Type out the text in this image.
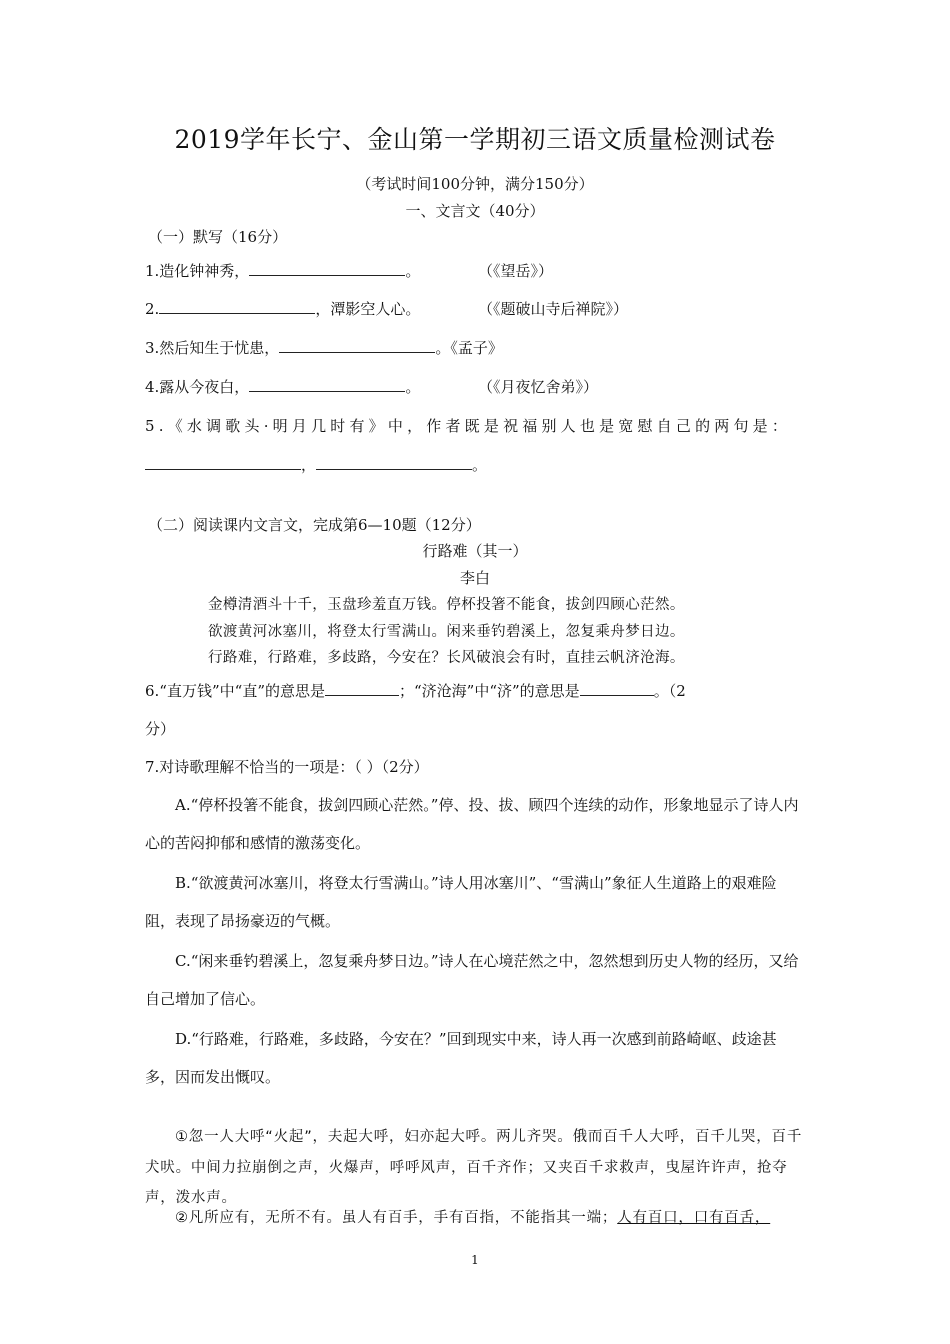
2019学年长宁、金山第一学期初三语文质量检测试卷
（考试时间100分钟，满分150分）
一、文言文（40分）
（一）默写（16分）
1.造化钟神秀，	。	（《望岳》）
2.	，潭影空人心。	（《题破山寺后禅院》）
3.然后知生于忧患，	。《孟子》
4.露从今夜白，	。	（《月夜忆舍弟》）
5.《水调歌头·明月几时有》中，作者既是祝福别人也是宽慰自己的两句是：
，	。
（二）阅读课内文言文，完成第6—10题（12分）
行路难（其一）
李白
金樽清酒斗十千，玉盘珍羞直万钱。停杯投箸不能食，拔剑四顾心茫然。
欲渡黄河冰塞川，将登太行雪满山。闲来垂钓碧溪上，忽复乘舟梦日边。
行路难，行路难，多歧路，今安在？长风破浪会有时，直挂云帆济沧海。
6.“直万钱”中“直”的意思是	；“济沧海”中“济”的意思是	。（2
分）
7.对诗歌理解不恰当的一项是：（ ）（2分）
A.“停杯投箸不能食，拔剑四顾心茫然。”停、投、拔、顾四个连续的动作，形象地显示了诗人内心的苦闷抑郁和感情的激荡变化。
B.“欲渡黄河冰塞川，将登太行雪满山。”诗人用冰塞川”、“雪满山”象征人生道路上的艰难险阻，表现了昂扬豪迈的气概。
C.“闲来垂钓碧溪上，忽复乘舟梦日边。”诗人在心境茫然之中，忽然想到历史人物的经历，又给自己增加了信心。
D.“行路难，行路难，多歧路，今安在？”回到现实中来，诗人再一次感到前路崎岖、歧途甚多，因而发出慨叹。
①忽一人大呼“火起”，夫起大呼，妇亦起大呼。两儿齐哭。俄而百千人大呼，百千儿哭，百千犬吠。中间力拉崩倒之声，火爆声，呼呼风声，百千齐作；又夹百千求救声，曳屋许许声，抢夺声，泼水声。
②凡所应有，无所不有。虽人有百手，手有百指，不能指其一端；人有百口，口有百舌，
1
